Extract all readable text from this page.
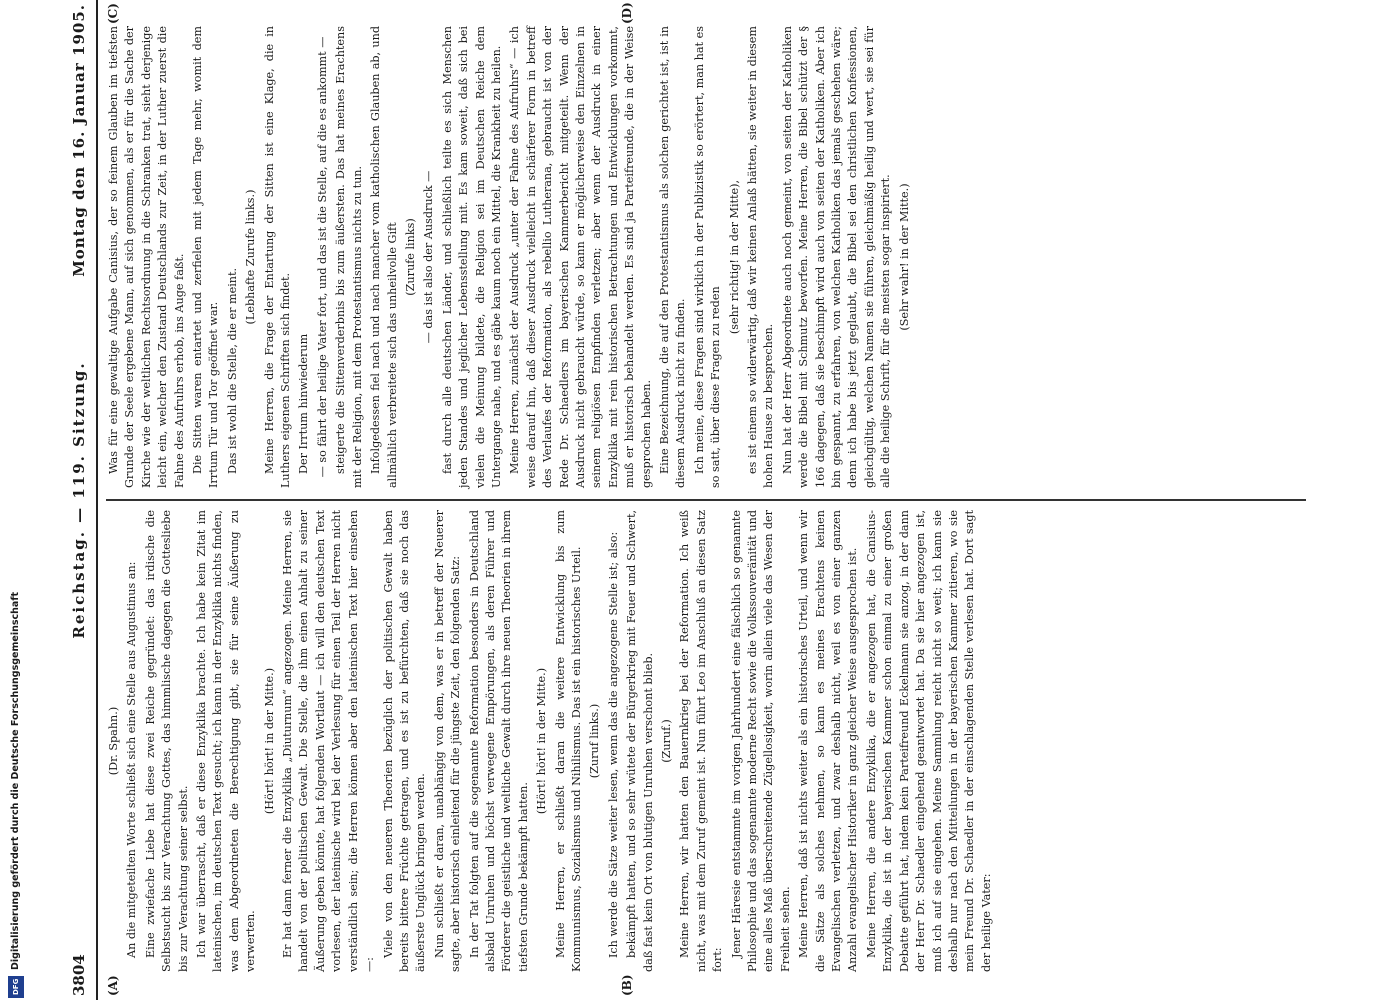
3804
Reichstag. — 119. Sitzung.
Montag den 16. Januar 1905.
(A)	(B)
(C)	(D)

(Dr. Spahn.) An die mitgeteilten Worte schließt sich eine Stelle aus Augustinus an: Eine zwiefache Liebe hat diese zwei Reiche gegründet: das irdische die Selbstsucht bis zur Verachtung Gottes, das himmlische dagegen die Gottesliebe bis zur Verachtung seiner selbst. Ich war überrascht, daß er diese Enzyklika brachte. Ich habe kein Zitat im lateinischen, im deutschen Text gesucht; ich kann in der Enzyklika nichts finden, was dem Abgeordneten die Berechtigung gibt, sie für seine Äußerung zu verwerten.

(Hört! hört! in der Mitte.) Er hat dann ferner die Enzyklika „Diuturnum“ angezogen. Meine Herren, sie handelt von der politischen Gewalt. Die Stelle, die ihm einen Anhalt zu seiner Äußerung geben könnte, hat folgenden Wortlaut — ich will den deutschen Text vorlesen, der lateinische wird bei der Verlesung für einen Teil der Herren nicht verständlich sein; die Herren können aber den lateinischen Text hier einsehen —:

Viele von den neueren Theorien bezüglich der politischen Gewalt haben bereits bittere Früchte getragen, und es ist zu befürchten, daß sie noch das äußerste Unglück bringen werden. Nun schließt er daran, unabhängig von dem, was er in betreff der Neuerer sagte, aber historisch einleitend für die jüngste Zeit, den folgenden Satz: In der Tat folgten auf die sogenannte Reformation besonders in Deutschland alsbald Unruhen und höchst verwegene Empörungen, als deren Führer und Förderer die geistliche und weltliche Gewalt durch ihre neuen Theorien in ihrem tiefsten Grunde bekämpft hatten.

(Hört! hört! in der Mitte.) Meine Herren, er schließt daran die weitere Entwicklung bis zum Kommunismus, Sozialismus und Nihilismus. Das ist ein historisches Urteil. (Zuruf links.) Ich werde die Sätze weiter lesen, wenn das die angezogene Stelle ist; also: bekämpft hatten, und so sehr wütete der Bürgerkrieg mit Feuer und Schwert, daß fast kein Ort von blutigen Unruhen verschont blieb. (Zuruf.) Meine Herren, wir hatten den Bauernkrieg bei der Reformation. Ich weiß nicht, was mit dem Zuruf gemeint ist. Nun führt Leo im Anschluß an diesen Satz fort:

Jener Häresie entstammte im vorigen Jahrhundert eine fälschlich so genannte Philosophie und das sogenannte moderne Recht sowie die Volkssouveränität und eine alles Maß überschreitende Zügellosigkeit, worin allein viele das Wesen der Freiheit sehen. Meine Herren, daß ist nichts weiter als ein historisches Urteil, und wenn wir die Sätze als solches nehmen, so kann es meines Erachtens keinen Evangelischen verletzen, und zwar deshalb nicht, weil es von einer ganzen Anzahl evangelischer Historiker in ganz gleicher Weise ausgesprochen ist. Meine Herren, die andere Enzyklika, die er angezogen hat, die Canisius-Enzyklika, die ist in der bayerischen Kammer schon einmal zu einer großen Debatte geführt hat, indem kein Parteifreund Eckelmann sie anzog, in der dann der Herr Dr. Schaedler eingehend geantwortet hat. Da sie hier angezogen ist, muß ich auf sie eingehen. Meine Sammlung reicht nicht so weit; ich kann sie deshalb nur nach den Mitteilungen in der bayerischen Kammer zitieren, wo sie mein Freund Dr. Schaedler in der einschlagenden Stelle verlesen hat. Dort sagt der heilige Vater:

Was für eine gewaltige Aufgabe Canisius, der so feinem Glauben im tiefsten Grunde der Seele ergebene Mann, auf sich genommen, als er für die Sache der Kirche wie der weltlichen Rechtsordnung in die Schranken trat, sieht derjenige leicht ein, welcher den Zustand Deutschlands zur Zeit, in der Luther zuerst die Fahne des Aufruhrs erhob, ins Auge faßt. Die Sitten waren entartet und zerfielen mit jedem Tage mehr, womit dem Irrtum Tür und Tor geöffnet war. Das ist wohl die Stelle, die er meint.

(Lebhafte Zurufe links.) Meine Herren, die Frage der Entartung der Sitten ist eine Klage, die in Luthers eigenen Schriften sich findet. Der Irrtum hinwiederum — so fährt der heilige Vater fort, und das ist die Stelle, auf die es ankommt — steigerte die Sittenverderbnis bis zum äußersten. Das hat meines Erachtens mit der Religion, mit dem Protestantismus nichts zu tun. Infolgedessen fiel nach und nach mancher vom katholischen Glauben ab, und allmählich verbreitete sich das unheilvolle Gift (Zurufe links) — das ist also der Ausdruck — fast durch alle deutschen Länder, und schließlich teilte es sich Menschen jeden Standes und jeglicher Lebensstellung mit. Es kam soweit, daß sich bei vielen die Meinung bildete, die Religion sei im Deutschen Reiche dem Untergange nahe, und es gäbe kaum noch ein Mittel, die Krankheit zu heilen. Meine Herren, zunächst der Ausdruck „unter der Fahne des Aufruhrs“ — ich weise darauf hin, daß dieser Ausdruck vielleicht in schärferer Form in betreff des Verlaufes der Reformation, als rebellio Lutherana, gebraucht ist von der Rede Dr. Schaedlers im bayerischen Kammerbericht mitgeteilt. Wenn der Ausdruck nicht gebraucht würde, so kann er möglicherweise den Einzelnen in seinem religiösen Empfinden verletzen; aber wenn der Ausdruck in einer Enzyklika mit rein historischen Betrachtungen und Entwicklungen vorkommt, muß er historisch behandelt werden. Es sind ja Parteifreunde, die in der Weise gesprochen haben. Eine Bezeichnung, die auf den Protestantismus als solchen gerichtet ist, ist in diesem Ausdruck nicht zu finden. Ich meine, diese Fragen sind wirklich in der Publizistik so erörtert, man hat es so satt, über diese Fragen zu reden

(sehr richtig! in der Mitte), es ist einem so widerwärtig, daß wir keinen Anlaß hätten, sie weiter in diesem hohen Hause zu besprechen. Nun hat der Herr Abgeordnete auch noch gemeint, von seiten der Katholiken werde die Bibel mit Schmutz beworfen. Meine Herren, die Bibel schützt der § 166 dagegen, daß sie beschimpft wird auch von seiten der Katholiken. Aber ich bin gespannt, zu erfahren, von welchen Katholiken das jemals geschehen wäre; denn ich habe bis jetzt geglaubt, die Bibel sei den christlichen Konfessionen, gleichgültig, welchen Namen sie führen, gleichmäßig heilig und wert, sie sei für alle die heilige Schrift, für die meisten sogar inspiriert. (Sehr wahr! in der Mitte.)

Digitalisierung gefördert durch die Deutsche Forschungsgemeinschaft
DFG
